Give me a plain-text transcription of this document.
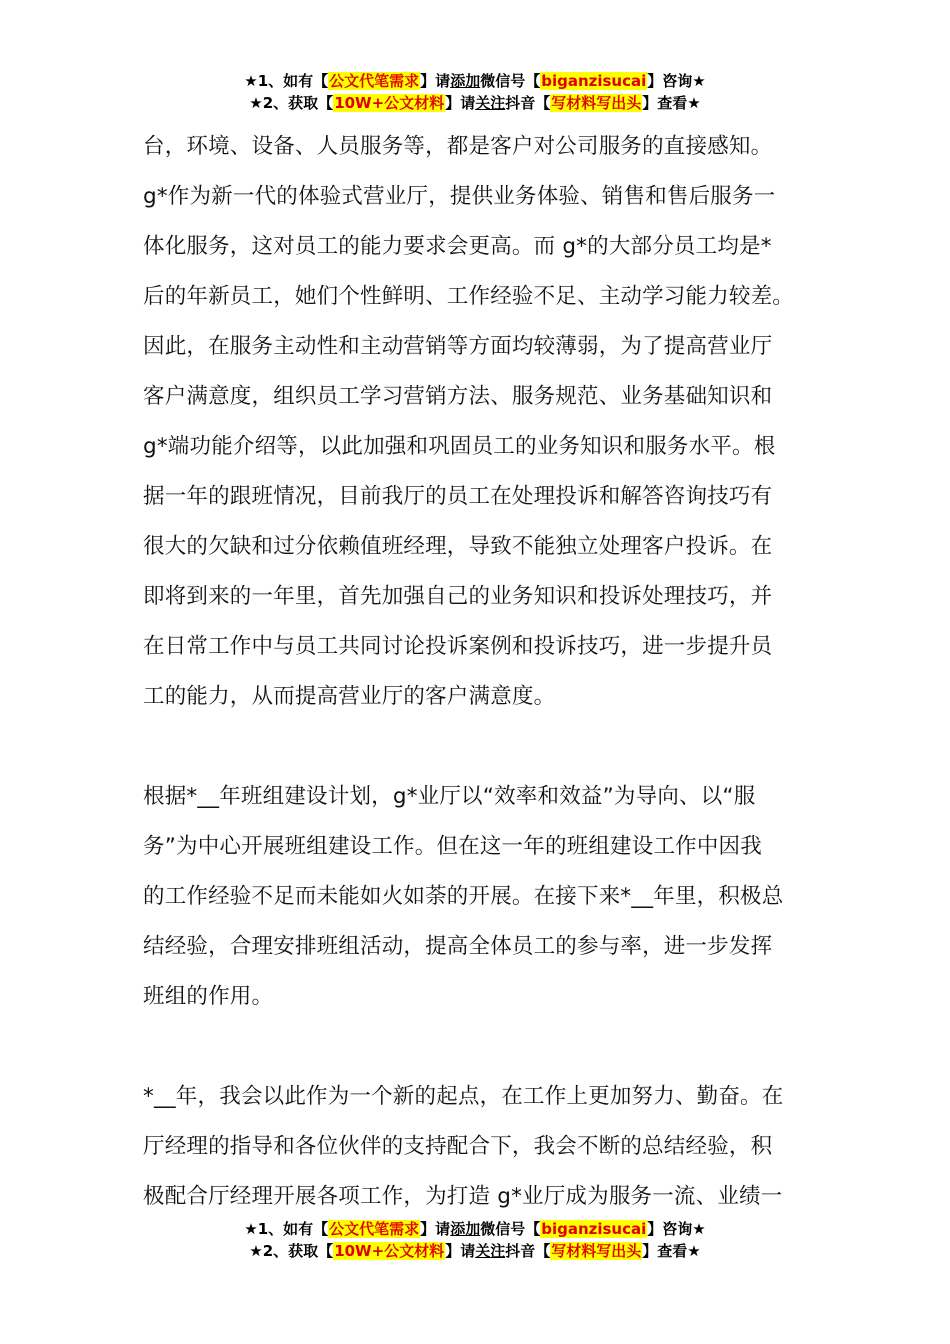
★1、如有【公文代笔需求】请添加微信号【biganzisucai】咨询★
★2、获取【10W+公文材料】请关注抖音【写材料写出头】查看★

台，环境、设备、人员服务等，都是客户对公司服务的直接感知。
g*作为新一代的体验式营业厅，提供业务体验、销售和售后服务一
体化服务，这对员工的能力要求会更高。而 g*的大部分员工均是*
后的年新员工，她们个性鲜明、工作经验不足、主动学习能力较差。
因此，在服务主动性和主动营销等方面均较薄弱，为了提高营业厅
客户满意度，组织员工学习营销方法、服务规范、业务基础知识和
g*端功能介绍等，以此加强和巩固员工的业务知识和服务水平。根
据一年的跟班情况，目前我厅的员工在处理投诉和解答咨询技巧有
很大的欠缺和过分依赖值班经理，导致不能独立处理客户投诉。在
即将到来的一年里，首先加强自己的业务知识和投诉处理技巧，并
在日常工作中与员工共同讨论投诉案例和投诉技巧，进一步提升员
工的能力，从而提高营业厅的客户满意度。

根据*__年班组建设计划，g*业厅以“效率和效益”为导向、以“服
务”为中心开展班组建设工作。但在这一年的班组建设工作中因我
的工作经验不足而未能如火如荼的开展。在接下来*__年里，积极总
结经验，合理安排班组活动，提高全体员工的参与率，进一步发挥
班组的作用。

*__年，我会以此作为一个新的起点，在工作上更加努力、勤奋。在
厅经理的指导和各位伙伴的支持配合下，我会不断的总结经验，积
极配合厅经理开展各项工作，为打造 g*业厅成为服务一流、业绩一

★1、如有【公文代笔需求】请添加微信号【biganzisucai】咨询★
★2、获取【10W+公文材料】请关注抖音【写材料写出头】查看★
